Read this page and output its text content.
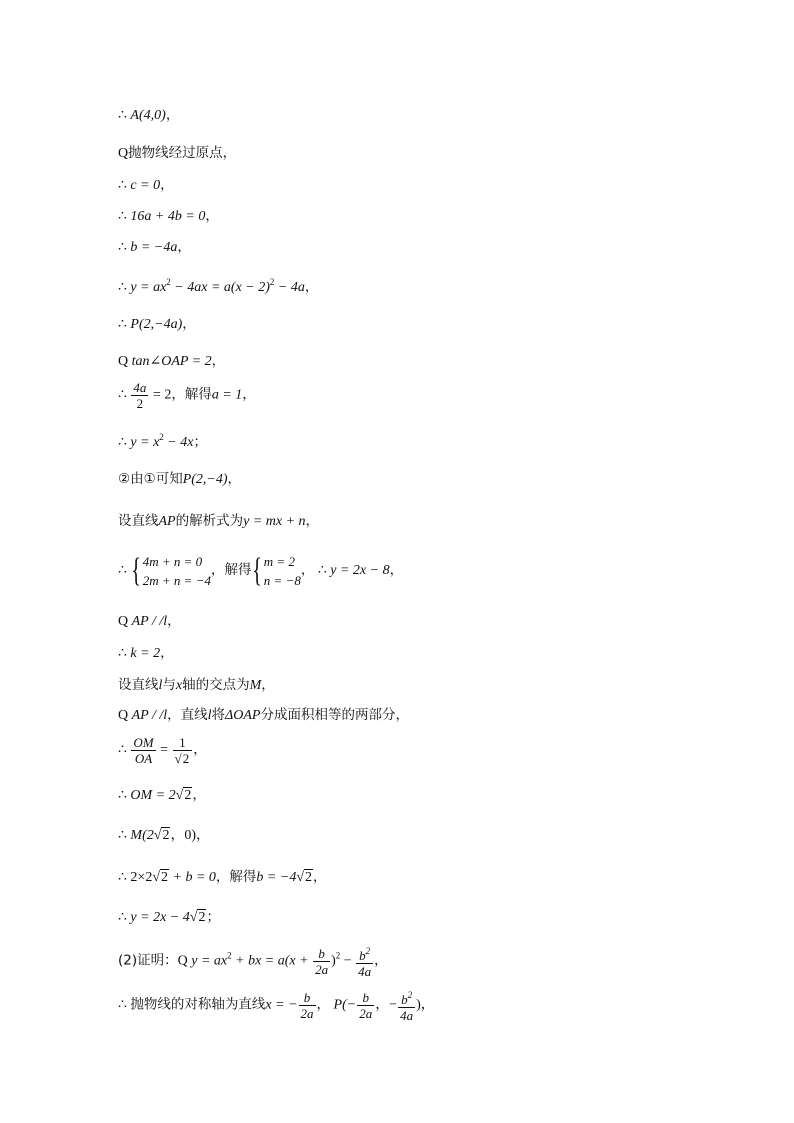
∴ A(4,0)，
Q抛物线经过原点，
∴ c = 0，
∴ 16a + 4b = 0，
∴ b = −4a，
∴ $y = ax^2 - 4ax = a(x - 2)^2 - 4a$，
∴ P(2,−4a)，
Q tan∠OAP = 2，
∴ $\frac{4a}{2} = 2$，解得a = 1，
∴ $y = x^2 - 4x$；
②由①可知P(2,−4)，
设直线AP的解析式为y = mx + n，
∴ { 4m + n = 0
2m + n = −4
，解得{ m = 2
n = −8
， ∴ y = 2x − 8，
Q AP / /l，
∴ k = 2，
设直线l与x轴的交点为M，
Q AP / /l，直线l将ΔOAP分成面积相等的两部分，
∴ $\frac{OM}{OA} = \frac{1}{√2}$ ，
∴ OM = 2√2，
∴ M(2√2，0)，
∴ 2×2√2 + b = 0，解得b = −4√2，
∴ y = 2x − 4√2；
(2)证明：Q $y = ax^2$ + bx = $a(x + \frac{b}{2a} )^2 - \frac{b^2}{4a}$ ，
∴ 抛物线的对称轴为直线x = − $\frac{b}{2a}$ ， $P(- \frac{b}{2a}$ ，− $\frac{b^2}{4a}$ )，
